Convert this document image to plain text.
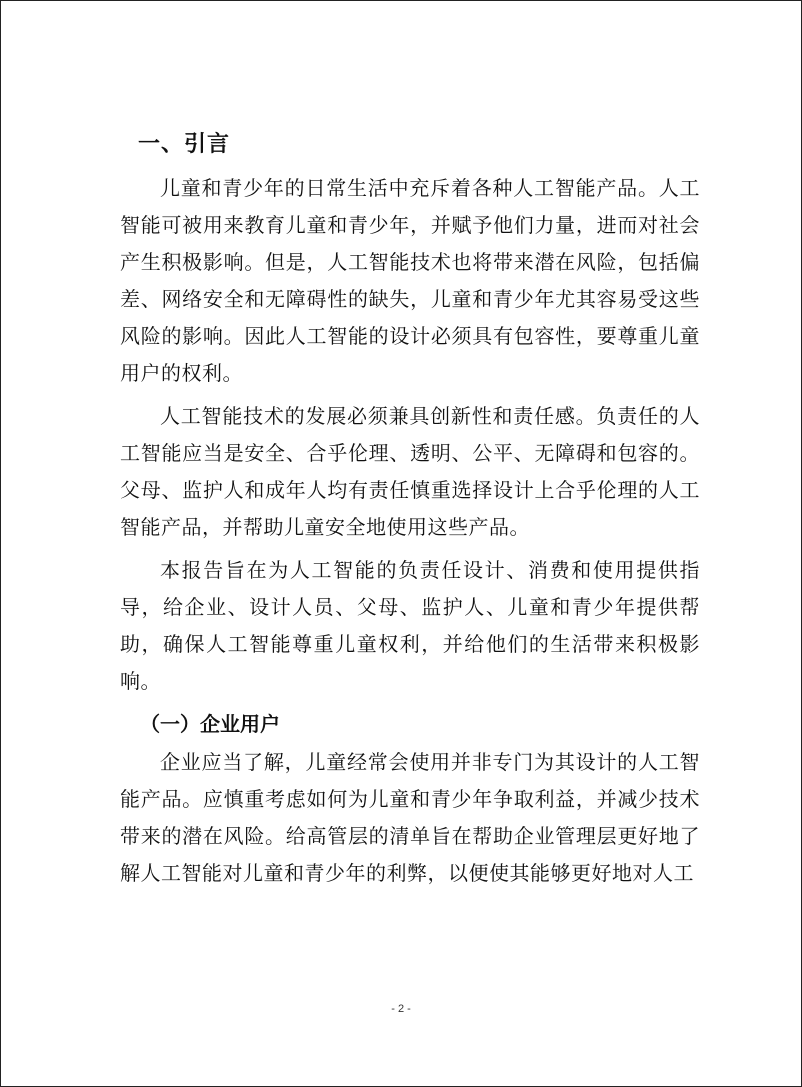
一、引言

儿童和青少年的日常生活中充斥着各种人工智能产品。人工智能可被用来教育儿童和青少年，并赋予他们力量，进而对社会产生积极影响。但是，人工智能技术也将带来潜在风险，包括偏差、网络安全和无障碍性的缺失，儿童和青少年尤其容易受这些风险的影响。因此人工智能的设计必须具有包容性，要尊重儿童用户的权利。

人工智能技术的发展必须兼具创新性和责任感。负责任的人工智能应当是安全、合乎伦理、透明、公平、无障碍和包容的。父母、监护人和成年人均有责任慎重选择设计上合乎伦理的人工智能产品，并帮助儿童安全地使用这些产品。

本报告旨在为人工智能的负责任设计、消费和使用提供指导，给企业、设计人员、父母、监护人、儿童和青少年提供帮助，确保人工智能尊重儿童权利，并给他们的生活带来积极影响。

（一）企业用户

企业应当了解，儿童经常会使用并非专门为其设计的人工智能产品。应慎重考虑如何为儿童和青少年争取利益，并减少技术带来的潜在风险。给高管层的清单旨在帮助企业管理层更好地了解人工智能对儿童和青少年的利弊，以便使其能够更好地对人工

- 2 -
